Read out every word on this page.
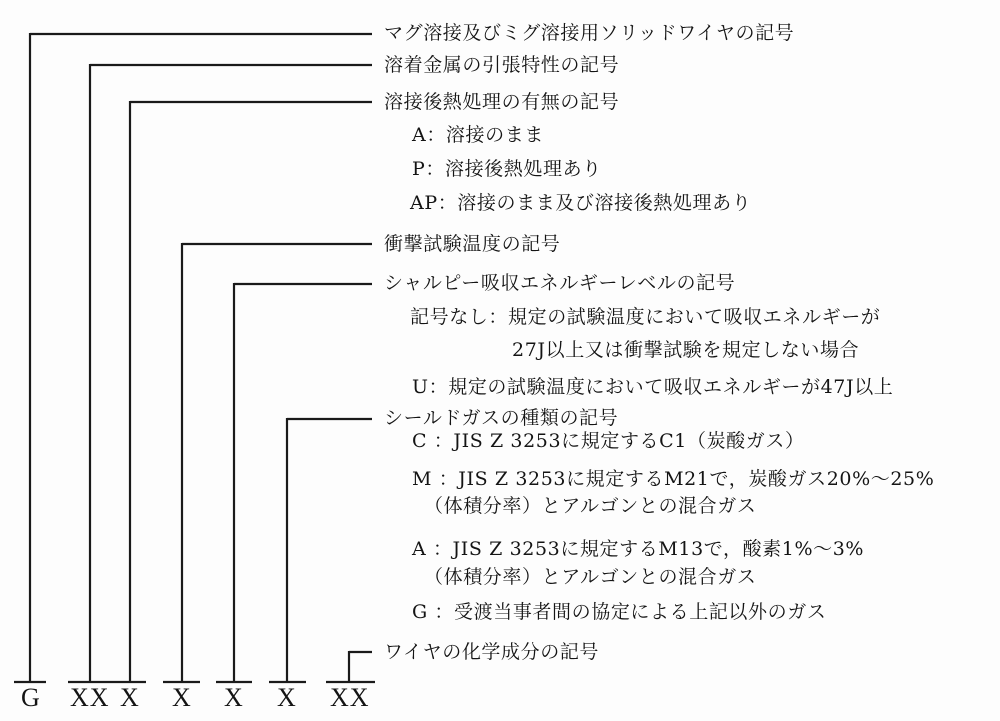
マグ溶接及びミグ溶接用ソリッドワイヤの記号

溶着金属の引張特性の記号

溶接後熱処理の有無の記号

A：溶接のまま

P：溶接後熱処理あり

AP：溶接のまま及び溶接後熱処理あり

衝撃試験温度の記号

シャルピー吸収エネルギーレベルの記号

記号なし：規定の試験温度において吸収エネルギーが

27J以上又は衝撃試験を規定しない場合

U：規定の試験温度において吸収エネルギーが47J以上

シールドガスの種類の記号

C ：JIS Z 3253に規定するC1（炭酸ガス）

M ：JIS Z 3253に規定するM21で，炭酸ガス20%〜25%

（体積分率）とアルゴンとの混合ガス

A ：JIS Z 3253に規定するM13で，酸素1%〜3%

（体積分率）とアルゴンとの混合ガス

G ：受渡当事者間の協定による上記以外のガス

ワイヤの化学成分の記号

G XX X X X X XX
